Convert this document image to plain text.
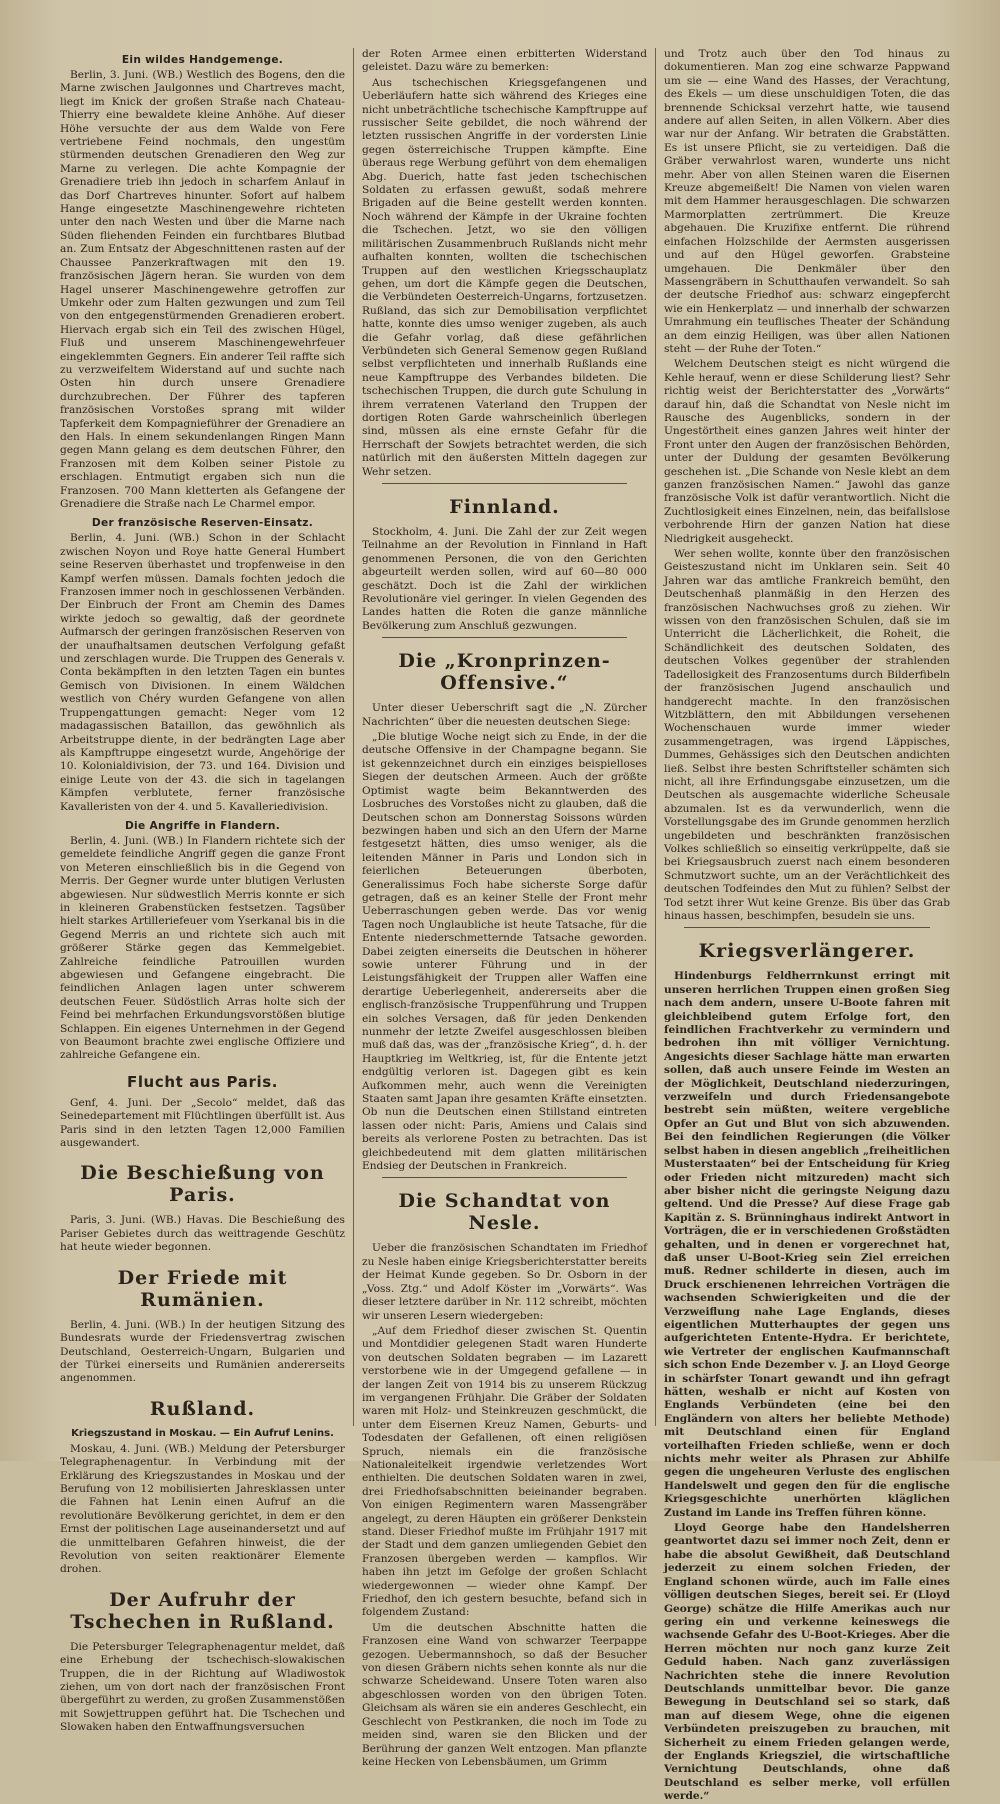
Ein wildes Handgemenge.

Berlin, 3. Juni. (WB.) Westlich des Bogens, den die Marne zwischen Jaulgonnes und Chartreves macht, liegt im Knick der großen Straße nach Chateau-Thierry eine bewaldete kleine Anhöhe. Auf dieser Höhe versuchte der aus dem Walde von Fere vertriebene Feind nochmals, den ungestüm stürmenden deutschen Grenadieren den Weg zur Marne zu verlegen. Die achte Kompagnie der Grenadiere trieb ihn jedoch in scharfem Anlauf in das Dorf Chartreves hinunter. Sofort auf halbem Hange eingesetzte Maschinengewehre richteten unter den nach Westen und über die Marne nach Süden fliehenden Feinden ein furchtbares Blutbad an. Zum Entsatz der Abgeschnittenen rasten auf der Chaussee Panzerkraftwagen mit den 19. französischen Jägern heran. Sie wurden von dem Hagel unserer Maschinengewehre getroffen zur Umkehr oder zum Halten gezwungen und zum Teil von den entgegenstürmenden Grenadieren erobert. Hiervach ergab sich ein Teil des zwischen Hügel, Fluß und unserem Maschinengewehrfeuer eingeklemmten Gegners. Ein anderer Teil raffte sich zu verzweifeltem Widerstand auf und suchte nach Osten hin durch unsere Grenadiere durchzubrechen. Der Führer des tapferen französischen Vorstoßes sprang mit wilder Tapferkeit dem Kompagnieführer der Grenadiere an den Hals. In einem sekundenlangen Ringen Mann gegen Mann gelang es dem deutschen Führer, den Franzosen mit dem Kolben seiner Pistole zu erschlagen. Entmutigt ergaben sich nun die Franzosen. 700 Mann kletterten als Gefangene der Grenadiere die Straße nach Le Charmel empor.

Der französische Reserven-Einsatz.

Berlin, 4. Juni. (WB.) Schon in der Schlacht zwischen Noyon und Roye hatte General Humbert seine Reserven überhastet und tropfenweise in den Kampf werfen müssen. Damals fochten jedoch die Franzosen immer noch in geschlossenen Verbänden. Der Einbruch der Front am Chemin des Dames wirkte jedoch so gewaltig, daß der geordnete Aufmarsch der geringen französischen Reserven von der unaufhaltsamen deutschen Verfolgung gefaßt und zerschlagen wurde. Die Truppen des Generals v. Conta bekämpften in den letzten Tagen ein buntes Gemisch von Divisionen. In einem Wäldchen westlich von Chéry wurden Gefangene von allen Truppengattungen gemacht: Neger vom 12 madagassischen Bataillon, das gewöhnlich als Arbeitstruppe diente, in der bedrängten Lage aber als Kampftruppe eingesetzt wurde, Angehörige der 10. Kolonialdivision, der 73. und 164. Division und einige Leute von der 43. die sich in tagelangen Kämpfen verblutete, ferner französische Kavalleristen von der 4. und 5. Kavalleriedivision.

Die Angriffe in Flandern.

Berlin, 4. Juni. (WB.) In Flandern richtete sich der gemeldete feindliche Angriff gegen die ganze Front von Meteren einschließlich bis in die Gegend von Merris. Der Gegner wurde unter blutigen Verlusten abgewiesen. Nur südwestlich Merris konnte er sich in kleineren Grabenstücken festsetzen. Tagsüber hielt starkes Artilleriefeuer vom Yserkanal bis in die Gegend Merris an und richtete sich auch mit größerer Stärke gegen das Kemmelgebiet. Zahlreiche feindliche Patrouillen wurden abgewiesen und Gefangene eingebracht. Die feindlichen Anlagen lagen unter schwerem deutschen Feuer. Südöstlich Arras holte sich der Feind bei mehrfachen Erkundungsvorstößen blutige Schlappen. Ein eigenes Unternehmen in der Gegend von Beaumont brachte zwei englische Offiziere und zahlreiche Gefangene ein.

Flucht aus Paris.

Genf, 4. Juni. Der „Secolo“ meldet, daß das Seinedepartement mit Flüchtlingen überfüllt ist. Aus Paris sind in den letzten Tagen 12,000 Familien ausgewandert.

Die Beschießung von Paris.

Paris, 3. Juni. (WB.) Havas. Die Beschießung des Pariser Gebietes durch das weittragende Geschütz hat heute wieder begonnen.

Der Friede mit Rumänien.

Berlin, 4. Juni. (WB.) In der heutigen Sitzung des Bundesrats wurde der Friedensvertrag zwischen Deutschland, Oesterreich-Ungarn, Bulgarien und der Türkei einerseits und Rumänien andererseits angenommen.

Rußland.
Kriegszustand in Moskau. — Ein Aufruf Lenins.

Moskau, 4. Juni. (WB.) Meldung der Petersburger Telegraphenagentur. In Verbindung mit der Erklärung des Kriegszustandes in Moskau und der Berufung von 12 mobilisierten Jahresklassen unter die Fahnen hat Lenin einen Aufruf an die revolutionäre Bevölkerung gerichtet, in dem er den Ernst der politischen Lage auseinandersetzt und auf die unmittelbaren Gefahren hinweist, die der Revolution von seiten reaktionärer Elemente drohen.

Der Aufruhr der Tschechen in Rußland.

Die Petersburger Telegraphenagentur meldet, daß eine Erhebung der tschechisch-slowakischen Truppen, die in der Richtung auf Wladiwostok ziehen, um von dort nach der französischen Front übergeführt zu werden, zu großen Zusammenstößen mit Sowjettruppen geführt hat. Die Tschechen und Slowaken haben den Entwaffnungsversuchen

der Roten Armee einen erbitterten Widerstand geleistet. Dazu wäre zu bemerken:

Aus tschechischen Kriegsgefangenen und Ueberläufern hatte sich während des Krieges eine nicht unbeträchtliche tschechische Kampftruppe auf russischer Seite gebildet, die noch während der letzten russischen Angriffe in der vordersten Linie gegen österreichische Truppen kämpfte. Eine überaus rege Werbung geführt von dem ehemaligen Abg. Duerich, hatte fast jeden tschechischen Soldaten zu erfassen gewußt, sodaß mehrere Brigaden auf die Beine gestellt werden konnten. Noch während der Kämpfe in der Ukraine fochten die Tschechen. Jetzt, wo sie den völligen militärischen Zusammenbruch Rußlands nicht mehr aufhalten konnten, wollten die tschechischen Truppen auf den westlichen Kriegsschauplatz gehen, um dort die Kämpfe gegen die Deutschen, die Verbündeten Oesterreich-Ungarns, fortzusetzen. Rußland, das sich zur Demobilisation verpflichtet hatte, konnte dies umso weniger zugeben, als auch die Gefahr vorlag, daß diese gefährlichen Verbündeten sich General Semenow gegen Rußland selbst verpflichteten und innerhalb Rußlands eine neue Kampftruppe des Verbandes bildeten. Die tschechischen Truppen, die durch gute Schulung in ihrem verratenen Vaterland den Truppen der dortigen Roten Garde wahrscheinlich überlegen sind, müssen als eine ernste Gefahr für die Herrschaft der Sowjets betrachtet werden, die sich natürlich mit den äußersten Mitteln dagegen zur Wehr setzen.

Finnland.

Stockholm, 4. Juni. Die Zahl der zur Zeit wegen Teilnahme an der Revolution in Finnland in Haft genommenen Personen, die von den Gerichten abgeurteilt werden sollen, wird auf 60—80 000 geschätzt. Doch ist die Zahl der wirklichen Revolutionäre viel geringer. In vielen Gegenden des Landes hatten die Roten die ganze männliche Bevölkerung zum Anschluß gezwungen.

Die „Kronprinzen-Offensive.“

Unter dieser Ueberschrift sagt die „N. Zürcher Nachrichten“ über die neuesten deutschen Siege:

„Die blutige Woche neigt sich zu Ende, in der die deutsche Offensive in der Champagne begann. Sie ist gekennzeichnet durch ein einziges beispielloses Siegen der deutschen Armeen. Auch der größte Optimist wagte beim Bekanntwerden des Losbruches des Vorstoßes nicht zu glauben, daß die Deutschen schon am Donnerstag Soissons würden bezwingen haben und sich an den Ufern der Marne festgesetzt hätten, dies umso weniger, als die leitenden Männer in Paris und London sich in feierlichen Beteuerungen überboten, Generalissimus Foch habe sicherste Sorge dafür getragen, daß es an keiner Stelle der Front mehr Ueberraschungen geben werde. Das vor wenig Tagen noch Unglaubliche ist heute Tatsache, für die Entente niederschmetternde Tatsache geworden. Dabei zeigten einerseits die Deutschen in höherer sowie unterer Führung und in der Leistungsfähigkeit der Truppen aller Waffen eine derartige Ueberlegenheit, andererseits aber die englisch-französische Truppenführung und Truppen ein solches Versagen, daß für jeden Denkenden nunmehr der letzte Zweifel ausgeschlossen bleiben muß daß das, was der „französische Krieg“, d. h. der Hauptkrieg im Weltkrieg, ist, für die Entente jetzt endgültig verloren ist. Dagegen gibt es kein Aufkommen mehr, auch wenn die Vereinigten Staaten samt Japan ihre gesamten Kräfte einsetzten. Ob nun die Deutschen einen Stillstand eintreten lassen oder nicht: Paris, Amiens und Calais sind bereits als verlorene Posten zu betrachten. Das ist gleichbedeutend mit dem glatten militärischen Endsieg der Deutschen in Frankreich.

Die Schandtat von Nesle.

Ueber die französischen Schandtaten im Friedhof zu Nesle haben einige Kriegsberichterstatter bereits der Heimat Kunde gegeben. So Dr. Osborn in der „Voss. Ztg.“ und Adolf Köster im „Vorwärts“. Was dieser letztere darüber in Nr. 112 schreibt, möchten wir unseren Lesern wiedergeben:

„Auf dem Friedhof dieser zwischen St. Quentin und Montdidier gelegenen Stadt waren Hunderte von deutschen Soldaten begraben — im Lazarett verstorbene wie in der Umgegend gefallene — in der langen Zeit von 1914 bis zu unserem Rückzug im vergangenen Frühjahr. Die Gräber der Soldaten waren mit Holz- und Steinkreuzen geschmückt, die unter dem Eisernen Kreuz Namen, Geburts- und Todesdaten der Gefallenen, oft einen religiösen Spruch, niemals ein die französische Nationaleitelkeit irgendwie verletzendes Wort enthielten. Die deutschen Soldaten waren in zwei, drei Friedhofsabschnitten beieinander begraben. Von einigen Regimentern waren Massengräber angelegt, zu deren Häupten ein größerer Denkstein stand. Dieser Friedhof mußte im Frühjahr 1917 mit der Stadt und dem ganzen umliegenden Gebiet den Franzosen übergeben werden — kampflos. Wir haben ihn jetzt im Gefolge der großen Schlacht wiedergewonnen — wieder ohne Kampf. Der Friedhof, den ich gestern besuchte, befand sich in folgendem Zustand:

Um die deutschen Abschnitte hatten die Franzosen eine Wand von schwarzer Teerpappe gezogen. Uebermannshoch, so daß der Besucher von diesen Gräbern nichts sehen konnte als nur die schwarze Scheidewand. Unsere Toten waren also abgeschlossen worden von den übrigen Toten. Gleichsam als wären sie ein anderes Geschlecht, ein Geschlecht von Pestkranken, die noch im Tode zu meiden sind, waren sie den Blicken und der Berührung der ganzen Welt entzogen. Man pflanzte keine Hecken von Lebensbäumen, um Grimm

und Trotz auch über den Tod hinaus zu dokumentieren. Man zog eine schwarze Pappwand um sie — eine Wand des Hasses, der Verachtung, des Ekels — um diese unschuldigen Toten, die das brennende Schicksal verzehrt hatte, wie tausend andere auf allen Seiten, in allen Völkern. Aber dies war nur der Anfang. Wir betraten die Grabstätten. Es ist unsere Pflicht, sie zu verteidigen. Daß die Gräber verwahrlost waren, wunderte uns nicht mehr. Aber von allen Steinen waren die Eisernen Kreuze abgemeißelt! Die Namen von vielen waren mit dem Hammer herausgeschlagen. Die schwarzen Marmorplatten zertrümmert. Die Kreuze abgehauen. Die Kruzifixe entfernt. Die rührend einfachen Holzschilde der Aermsten ausgerissen und auf den Hügel geworfen. Grabsteine umgehauen. Die Denkmäler über den Massengräbern in Schutthaufen verwandelt. So sah der deutsche Friedhof aus: schwarz eingepfercht wie ein Henkerplatz — und innerhalb der schwarzen Umrahmung ein teuflisches Theater der Schändung an dem einzig Heiligen, was über allen Nationen steht — der Ruhe der Toten.“

Welchem Deutschen steigt es nicht würgend die Kehle herauf, wenn er diese Schilderung liest? Sehr richtig weist der Berichterstatter des „Vorwärts“ darauf hin, daß die Schandtat von Nesle nicht im Rausche des Augenblicks, sondern in der Ungestörtheit eines ganzen Jahres weit hinter der Front unter den Augen der französischen Behörden, unter der Duldung der gesamten Bevölkerung geschehen ist. „Die Schande von Nesle klebt an dem ganzen französischen Namen.“ Jawohl das ganze französische Volk ist dafür verantwortlich. Nicht die Zuchtlosigkeit eines Einzelnen, nein, das beifallslose verbohrende Hirn der ganzen Nation hat diese Niedrigkeit ausgeheckt.

Wer sehen wollte, konnte über den französischen Geisteszustand nicht im Unklaren sein. Seit 40 Jahren war das amtliche Frankreich bemüht, den Deutschenhaß planmäßig in den Herzen des französischen Nachwuchses groß zu ziehen. Wir wissen von den französischen Schulen, daß sie im Unterricht die Lächerlichkeit, die Roheit, die Schändlichkeit des deutschen Soldaten, des deutschen Volkes gegenüber der strahlenden Tadellosigkeit des Franzosentums durch Bilderfibeln der französischen Jugend anschaulich und handgerecht machte. In den französischen Witzblättern, den mit Abbildungen versehenen Wochenschauen wurde immer wieder zusammengetragen, was irgend Läppisches, Dummes, Gehässiges sich den Deutschen andichten ließ. Selbst ihre besten Schriftsteller schämten sich nicht, all ihre Erfindungsgabe einzusetzen, um die Deutschen als ausgemachte widerliche Scheusale abzumalen. Ist es da verwunderlich, wenn die Vorstellungsgabe des im Grunde genommen herzlich ungebildeten und beschränkten französischen Volkes schließlich so einseitig verkrüppelte, daß sie bei Kriegsausbruch zuerst nach einem besonderen Schmutzwort suchte, um an der Verächtlichkeit des deutschen Todfeindes den Mut zu fühlen? Selbst der Tod setzt ihrer Wut keine Grenze. Bis über das Grab hinaus hassen, beschimpfen, besudeln sie uns.

Kriegsverlängerer.

Hindenburgs Feldherrnkunst erringt mit unseren herrlichen Truppen einen großen Sieg nach dem andern, unsere U-Boote fahren mit gleichbleibend gutem Erfolge fort, den feindlichen Frachtverkehr zu vermindern und bedrohen ihn mit völliger Vernichtung. Angesichts dieser Sachlage hätte man erwarten sollen, daß auch unsere Feinde im Westen an der Möglichkeit, Deutschland niederzuringen, verzweifeln und durch Friedensangebote bestrebt sein müßten, weitere vergebliche Opfer an Gut und Blut von sich abzuwenden. Bei den feindlichen Regierungen (die Völker selbst haben in diesen angeblich „freiheitlichen Musterstaaten“ bei der Entscheidung für Krieg oder Frieden nicht mitzureden) macht sich aber bisher nicht die geringste Neigung dazu geltend. Und die Presse? Auf diese Frage gab Kapitän z. S. Brünninghaus indirekt Antwort in Vorträgen, die er in verschiedenen Großstädten gehalten, und in denen er vorgerechnet hat, daß unser U-Boot-Krieg sein Ziel erreichen muß. Redner schilderte in diesen, auch im Druck erschienenen lehrreichen Vorträgen die wachsenden Schwierigkeiten und die der Verzweiflung nahe Lage Englands, dieses eigentlichen Mutterhauptes der gegen uns aufgerichteten Entente-Hydra. Er berichtete, wie Vertreter der englischen Kaufmannschaft sich schon Ende Dezember v. J. an Lloyd George in schärfster Tonart gewandt und ihn gefragt hätten, weshalb er nicht auf Kosten von Englands Verbündeten (eine bei den Engländern von alters her beliebte Methode) mit Deutschland einen für England vorteilhaften Frieden schließe, wenn er doch nichts mehr weiter als Phrasen zur Abhilfe gegen die ungeheuren Verluste des englischen Handelswelt und gegen den für die englische Kriegsgeschichte unerhörten kläglichen Zustand im Lande ins Treffen führen könne.

Lloyd George habe den Handelsherren geantwortet dazu sei immer noch Zeit, denn er habe die absolut Gewißheit, daß Deutschland jederzeit zu einem solchen Frieden, der England schonen würde, auch im Falle eines völligen deutschen Sieges, bereit sei. Er (Lloyd George) schätze die Hilfe Amerikas auch nur gering ein und verkenne keineswegs die wachsende Gefahr des U-Boot-Krieges. Aber die Herren möchten nur noch ganz kurze Zeit Geduld haben. Nach ganz zuverlässigen Nachrichten stehe die innere Revolution Deutschlands unmittelbar bevor. Die ganze Bewegung in Deutschland sei so stark, daß man auf diesem Wege, ohne die eigenen Verbündeten preiszugeben zu brauchen, mit Sicherheit zu einem Frieden gelangen werde, der Englands Kriegsziel, die wirtschaftliche Vernichtung Deutschlands, ohne daß Deutschland es selber merke, voll erfüllen werde.“
